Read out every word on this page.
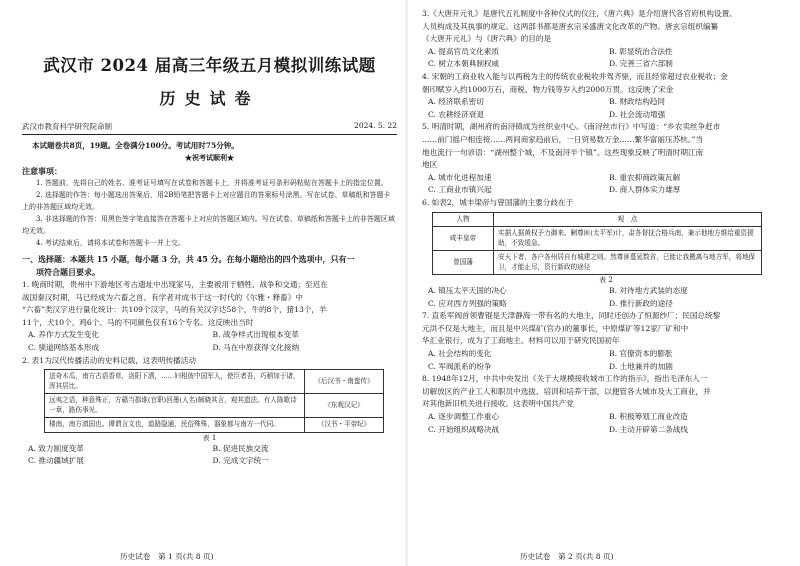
武汉市 2024 届高三年级五月模拟训练试题
历史试卷
武汉市教育科学研究院命制	2024. 5. 22
本试题卷共8页，19题。全卷满分100分。考试用时75分钟。
★祝考试顺利★
注意事项：

1. 答题前，先将自己的姓名、准考证号填写在试卷和答题卡上，并将准考证号条形码粘贴在答题卡上的指定位置。

2. 选择题的作答：每小题选出答案后，用2B铅笔把答题卡上对应题目的答案标号涂黑。写在试卷、草稿纸和答题卡上的非答题区域均无效。

3. 非选择题的作答：用黑色签字笔直接答在答题卡上对应的答题区域内。写在试卷、草稿纸和答题卡上的非答题区域均无效。

4. 考试结束后，请将本试卷和答题卡一并上交。

一、选择题：本题共 15 小题，每小题 3 分，共 45 分。在每小题给出的四个选项中，只有一
项符合题目要求。

1. 晚商时期，贵州中下游地区考古遗址中出现家马，主要被用于牺牲、战争和交通；至迟在

战国秦汉时期，马已经成为六畜之首。有学者对成书于这一时代的《尔雅・释畜》中

“六畜”类汉字进行量化统计：共109个汉字，马的有关汉字达58个，牛的8个，猪13个，羊

11个，犬10个，鸡6个。马的不同颜色仅有16个专名。这反映出当时

A. 养作方式发生变化	B. 战争样式出现根本变革
C. 驯道网络基本形成	D. 马在中原获得文化接纳

2. 表1为汉代传播活动的史料记载，这表明传播活动

送奇木瓜，南方古语香草，洛阳下洒，……妇相彼中国军人，使臣者吾，巧稍加于诸，浑其居比。	《后汉书・南蛮传》
远夷之语，种意殊正，方赣当郡谁(官职)回墨(人名)颇晓其言，观其遗法。有人陈歌诗一章，路伤事见。	《东观汉记》
楼南，南方滇国也。谭谓言文也，道路隐通，民俗殊殊，器象都与南方一代同。	《汉书・平帝纪》
表 1
A. 致力制度变革	B. 促进民族交流
C. 推动疆域扩展	D. 完成文字统一
历史试卷　第 1 页(共 8 页)

3.《大唐开元礼》是唐代五礼制度中各种仪式的仪注，《唐六典》是介绍唐代各官府机构设置、

人员构成及其执事的规定。这两部书都是唐玄宗采盛唐文化改革的产物。唐玄宗组织编纂

《大唐开元礼》与《唐六典》的目的是

A. 提高官员文化素质	B. 彰显统治合法性
C. 树立本朝典制权威	D. 完善三省六部制

4. 宋朝的工商业收入能与以两税为主的传统农业税收并驾齐驱，而且经常超过农业税收；金

朝印赋岁入约1000万石，商税、物力钱等岁入约2000万贯。这反映了宋金

A. 经济联系密切	B. 财政结构趋同
C. 农耕经济衰退	D. 社会流动增强

5. 明清时期，湖州府的南浔镇成为丝织业中心。《南浔丝市行》中写道：“乡农卖丝争赶市

……前门摇户相连接……两间商家趋前后，一日贸易数万金……繁华富丽压苏杭。”当

地也流行一句谚语：“湖州整个城，不及南浔半个镇”。这些现象反映了明清时期江南

地区

A. 城市化进程加速	B. 重农抑商政策瓦解
C. 工商业市镇兴起	D. 商人群体实力雄厚

6. 如表2，城丰梁帝与曾国藩的主要分歧在于

人物	观　点
咸丰皇帝	实据人据黄权予力御来。剿尊匪(太平军)计，肃各督抚合格兵南，兼示他地方维给重资援助，不致缓急。
曾国藩	安天下者，各户各州居自有城建之则。然尊匪蔓延数省，已能让我搬离与地方军，将地保卫，才能止尽，资行新政的途径
表 2
A. 镇压太平天国的决心	B. 对待地方武装的态度
C. 应对西方列强的策略	D. 推行新政的途径

7. 直系军阀首领曹锟是天津静海一带有名的大地主，同时还创办了恒源纱厂；民国总统黎

元洪不仅是大地主，而且是中兴煤矿(官办)的董事长，中原煤矿等12家厂矿和中

华汇业银行，成为了工商地主。材料可以用于研究民国初年

A. 社会结构的变化	B. 官僚资本的膨胀
C. 军阀派系的纷争	D. 土地兼并的加剧

8. 1948年12月，中共中央发出《关于大规模接收城市工作的指示》，指出毛泽东人一

切解放区的产业工人和职员中选拔、培训和培养干部，以便管各大城市及大工商业，并

对其他新旧机关进行接收。这表明中国共产党

A. 逐步调整工作重心	B. 积极筹划工商业改造
C. 开始组织战略决战	D. 主动开辟第二条战线
历史试卷　第 2 页(共 8 页)
